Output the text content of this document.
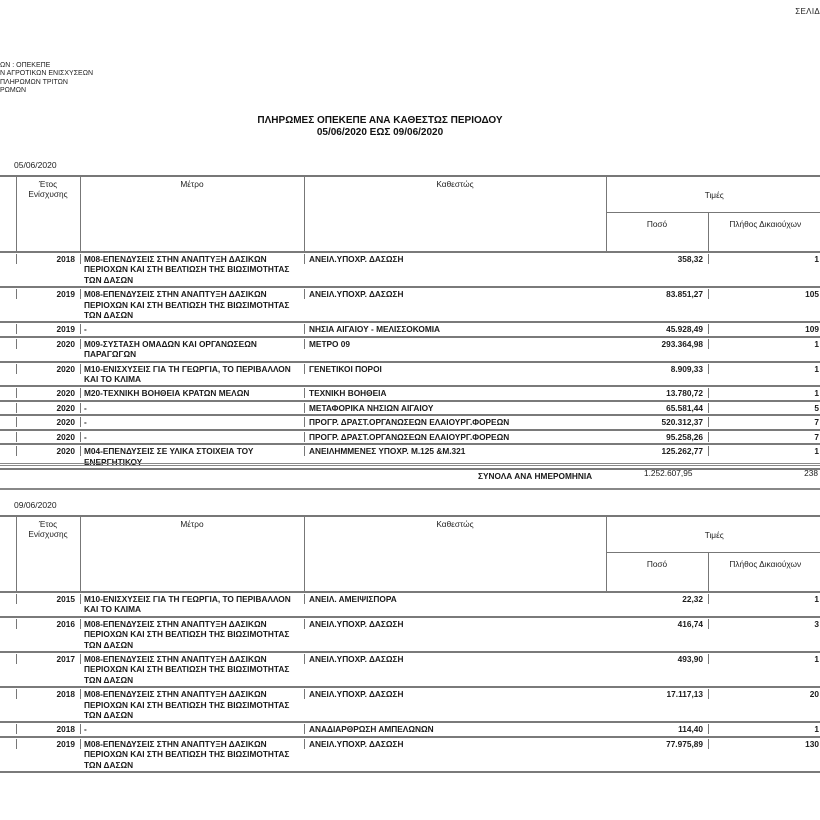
ΣΕΛΙΔ
ΩΝ : ΟΠΕΚΕΠΕ
Ν ΑΓΡΟΤΙΚΩΝ ΕΝΙΣΧΥΣΕΩΝ
ΠΛΗΡΩΜΩΝ ΤΡΙΤΩΝ
ΡΩΜΩΝ
ΠΛΗΡΩΜΕΣ ΟΠΕΚΕΠΕ ΑΝΑ ΚΑΘΕΣΤΩΣ ΠΕΡΙΟΔΟΥ
05/06/2020 ΕΩΣ 09/06/2020
05/06/2020
	Έτος Ενίσχυσης	Μέτρο	Καθεστώς	Τιμές	
				Ποσό	Πλήθος Δικαιούχων
	2018	Μ08-ΕΠΕΝΔΥΣΕΙΣ ΣΤΗΝ ΑΝΑΠΤΥΞΗ ΔΑΣΙΚΩΝ ΠΕΡΙΟΧΩΝ ΚΑΙ ΣΤΗ ΒΕΛΤΙΩΣΗ ΤΗΣ ΒΙΩΣΙΜΟΤΗΤΑΣ ΤΩΝ ΔΑΣΩΝ	ΑΝΕΙΛ.ΥΠΟΧΡ. ΔΑΣΩΣΗ	358,32	1
	2019	Μ08-ΕΠΕΝΔΥΣΕΙΣ ΣΤΗΝ ΑΝΑΠΤΥΞΗ ΔΑΣΙΚΩΝ ΠΕΡΙΟΧΩΝ ΚΑΙ ΣΤΗ ΒΕΛΤΙΩΣΗ ΤΗΣ ΒΙΩΣΙΜΟΤΗΤΑΣ ΤΩΝ ΔΑΣΩΝ	ΑΝΕΙΛ.ΥΠΟΧΡ. ΔΑΣΩΣΗ	83.851,27	105
	2019	-	ΝΗΣΙΑ ΑΙΓΑΙΟΥ - ΜΕΛΙΣΣΟΚΟΜΙΑ	45.928,49	109
	2020	Μ09-ΣΥΣΤΑΣΗ ΟΜΑΔΩΝ ΚΑΙ ΟΡΓΑΝΩΣΕΩΝ ΠΑΡΑΓΩΓΩΝ	ΜΕΤΡΟ 09	293.364,98	1
	2020	Μ10-ΕΝΙΣΧΥΣΕΙΣ ΓΙΑ ΤΗ ΓΕΩΡΓΙΑ, ΤΟ ΠΕΡΙΒΑΛΛΟΝ ΚΑΙ ΤΟ ΚΛΙΜΑ	ΓΕΝΕΤΙΚΟΙ ΠΟΡΟΙ	8.909,33	1
	2020	Μ20-ΤΕΧΝΙΚΗ ΒΟΗΘΕΙΑ ΚΡΑΤΩΝ ΜΕΛΩΝ	ΤΕΧΝΙΚΗ ΒΟΗΘΕΙΑ	13.780,72	1
	2020	-	ΜΕΤΑΦΟΡΙΚΑ ΝΗΣΙΩΝ ΑΙΓΑΙΟΥ	65.581,44	5
	2020	-	ΠΡΟΓΡ. ΔΡΑΣΤ.ΟΡΓΑΝΩΣΕΩΝ ΕΛΑΙΟΥΡΓ.ΦΟΡΕΩΝ	520.312,37	7
	2020	-	ΠΡΟΓΡ. ΔΡΑΣΤ.ΟΡΓΑΝΩΣΕΩΝ ΕΛΑΙΟΥΡΓ.ΦΟΡΕΩΝ	95.258,26	7
	2020	Μ04-ΕΠΕΝΔΥΣΕΙΣ ΣΕ ΥΛΙΚΑ ΣΤΟΙΧΕΙΑ ΤΟΥ ΕΝΕΡΓΗΤΙΚΟΥ	ΑΝΕΙΛΗΜΜΕΝΕΣ ΥΠΟΧΡ. Μ.125 &Μ.321	125.262,77	1
ΣΥΝΟΛΑ ΑΝΑ ΗΜΕΡΟΜΗΝΙΑ	1.252.607,95	238
09/06/2020
	Έτος Ενίσχυσης	Μέτρο	Καθεστώς	Τιμές	
				Ποσό	Πλήθος Δικαιούχων
	2015	Μ10-ΕΝΙΣΧΥΣΕΙΣ ΓΙΑ ΤΗ ΓΕΩΡΓΙΑ, ΤΟ ΠΕΡΙΒΑΛΛΟΝ ΚΑΙ ΤΟ ΚΛΙΜΑ	ΑΝΕΙΛ. ΑΜΕΙΨΙΣΠΟΡΑ	22,32	1
	2016	Μ08-ΕΠΕΝΔΥΣΕΙΣ ΣΤΗΝ ΑΝΑΠΤΥΞΗ ΔΑΣΙΚΩΝ ΠΕΡΙΟΧΩΝ ΚΑΙ ΣΤΗ ΒΕΛΤΙΩΣΗ ΤΗΣ ΒΙΩΣΙΜΟΤΗΤΑΣ ΤΩΝ ΔΑΣΩΝ	ΑΝΕΙΛ.ΥΠΟΧΡ. ΔΑΣΩΣΗ	416,74	3
	2017	Μ08-ΕΠΕΝΔΥΣΕΙΣ ΣΤΗΝ ΑΝΑΠΤΥΞΗ ΔΑΣΙΚΩΝ ΠΕΡΙΟΧΩΝ ΚΑΙ ΣΤΗ ΒΕΛΤΙΩΣΗ ΤΗΣ ΒΙΩΣΙΜΟΤΗΤΑΣ ΤΩΝ ΔΑΣΩΝ	ΑΝΕΙΛ.ΥΠΟΧΡ. ΔΑΣΩΣΗ	493,90	1
	2018	Μ08-ΕΠΕΝΔΥΣΕΙΣ ΣΤΗΝ ΑΝΑΠΤΥΞΗ ΔΑΣΙΚΩΝ ΠΕΡΙΟΧΩΝ ΚΑΙ ΣΤΗ ΒΕΛΤΙΩΣΗ ΤΗΣ ΒΙΩΣΙΜΟΤΗΤΑΣ ΤΩΝ ΔΑΣΩΝ	ΑΝΕΙΛ.ΥΠΟΧΡ. ΔΑΣΩΣΗ	17.117,13	20
	2018	-	ΑΝΑΔΙΑΡΘΡΩΣΗ ΑΜΠΕΛΩΝΩΝ	114,40	1
	2019	Μ08-ΕΠΕΝΔΥΣΕΙΣ ΣΤΗΝ ΑΝΑΠΤΥΞΗ ΔΑΣΙΚΩΝ ΠΕΡΙΟΧΩΝ ΚΑΙ ΣΤΗ ΒΕΛΤΙΩΣΗ ΤΗΣ ΒΙΩΣΙΜΟΤΗΤΑΣ ΤΩΝ ΔΑΣΩΝ	ΑΝΕΙΛ.ΥΠΟΧΡ. ΔΑΣΩΣΗ	77.975,89	130
